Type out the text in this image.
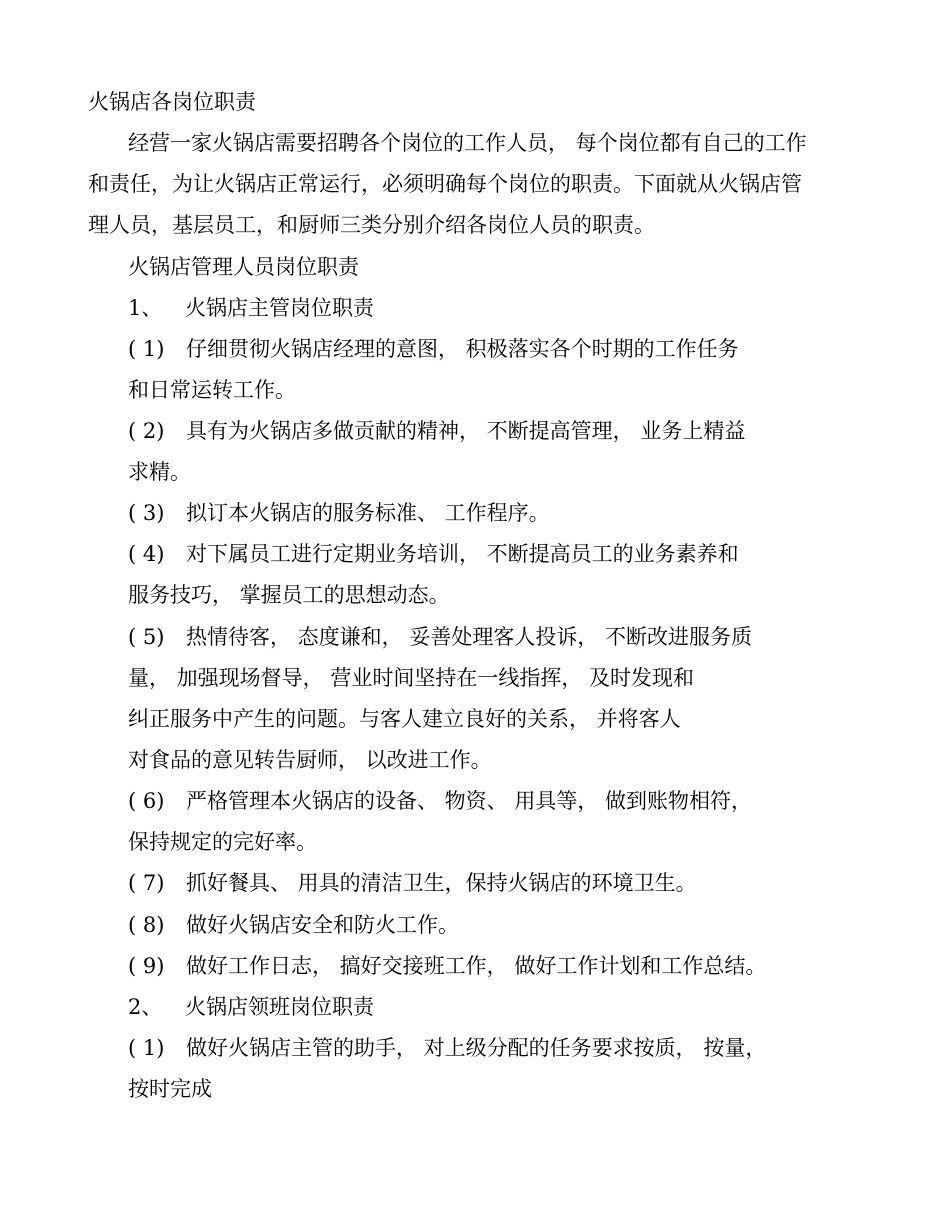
火锅店各岗位职责
经营一家火锅店需要招聘各个岗位的工作人员， 每个岗位都有自己的工作
和责任，为让火锅店正常运行，必须明确每个岗位的职责。下面就从火锅店管
理人员，基层员工，和厨师三类分别介绍各岗位人员的职责。
火锅店管理人员岗位职责
1、 火锅店主管岗位职责
( 1) 仔细贯彻火锅店经理的意图， 积极落实各个时期的工作任务
和日常运转工作。
( 2) 具有为火锅店多做贡献的精神， 不断提高管理， 业务上精益
求精。
( 3) 拟订本火锅店的服务标准、 工作程序。
( 4) 对下属员工进行定期业务培训， 不断提高员工的业务素养和
服务技巧， 掌握员工的思想动态。
( 5) 热情待客， 态度谦和， 妥善处理客人投诉， 不断改进服务质
量， 加强现场督导， 营业时间坚持在一线指挥， 及时发现和
纠正服务中产生的问题。与客人建立良好的关系， 并将客人
对食品的意见转告厨师， 以改进工作。
( 6) 严格管理本火锅店的设备、 物资、 用具等， 做到账物相符，
保持规定的完好率。
( 7) 抓好餐具、 用具的清洁卫生，保持火锅店的环境卫生。
( 8) 做好火锅店安全和防火工作。
( 9) 做好工作日志， 搞好交接班工作， 做好工作计划和工作总结。
2、 火锅店领班岗位职责
( 1) 做好火锅店主管的助手， 对上级分配的任务要求按质， 按量，
按时完成
